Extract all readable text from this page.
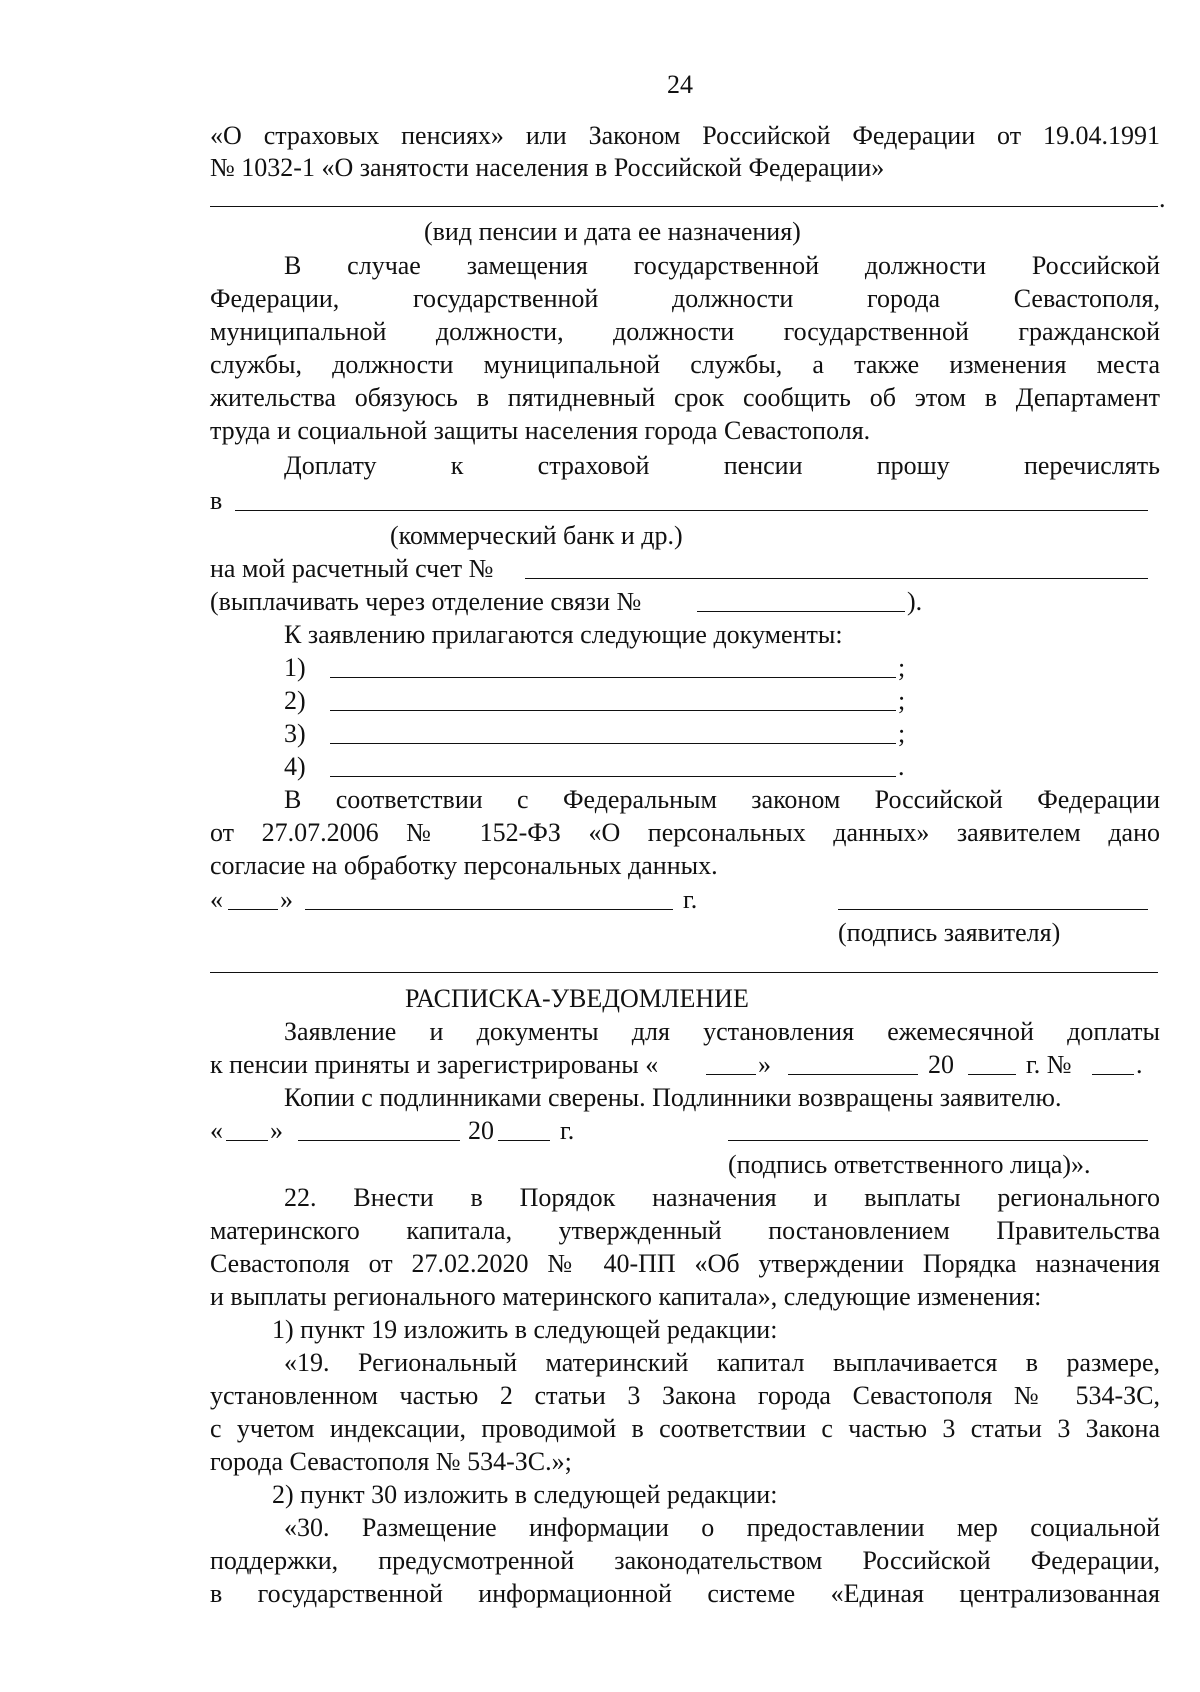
24
«О страховых пенсиях» или Законом Российской Федерации от 19.04.1991
№ 1032-1 «О занятости населения в Российской Федерации»
.
(вид пенсии и дата ее назначения)
В случае замещения государственной должности Российской
Федерации, государственной должности города Севастополя,
муниципальной должности, должности государственной гражданской
службы, должности муниципальной службы, а также изменения места
жительства обязуюсь в пятидневный срок сообщить об этом в Департамент
труда и социальной защиты населения города Севастополя.
Доплату к страховой пенсии прошу перечислять
в
(коммерческий банк и др.)
на мой расчетный счет №
(выплачивать через отделение связи №	).
К заявлению прилагаются следующие документы:
1)	;
2)	;
3)	;
4)	.
В соответствии с Федеральным законом Российской Федерации
от 27.07.2006 № 152-ФЗ «О персональных данных» заявителем дано
согласие на обработку персональных данных.
« »	г.
(подпись заявителя)
РАСПИСКА-УВЕДОМЛЕНИЕ
Заявление и документы для установления ежемесячной доплаты
к пенсии приняты и зарегистрированы «	»	20	г. №	.
Копии с подлинниками сверены. Подлинники возвращены заявителю.
« »	20	г.
(подпись ответственного лица)».
22. Внести в Порядок назначения и выплаты регионального
материнского капитала, утвержденный постановлением Правительства
Севастополя от 27.02.2020 № 40-ПП «Об утверждении Порядка назначения
и выплаты регионального материнского капитала», следующие изменения:
1) пункт 19 изложить в следующей редакции:
«19. Региональный материнский капитал выплачивается в размере,
установленном частью 2 статьи 3 Закона города Севастополя № 534-ЗС,
с учетом индексации, проводимой в соответствии с частью 3 статьи 3 Закона
города Севастополя № 534-ЗС.»;
2) пункт 30 изложить в следующей редакции:
«30. Размещение информации о предоставлении мер социальной
поддержки, предусмотренной законодательством Российской Федерации,
в государственной информационной системе «Единая централизованная
